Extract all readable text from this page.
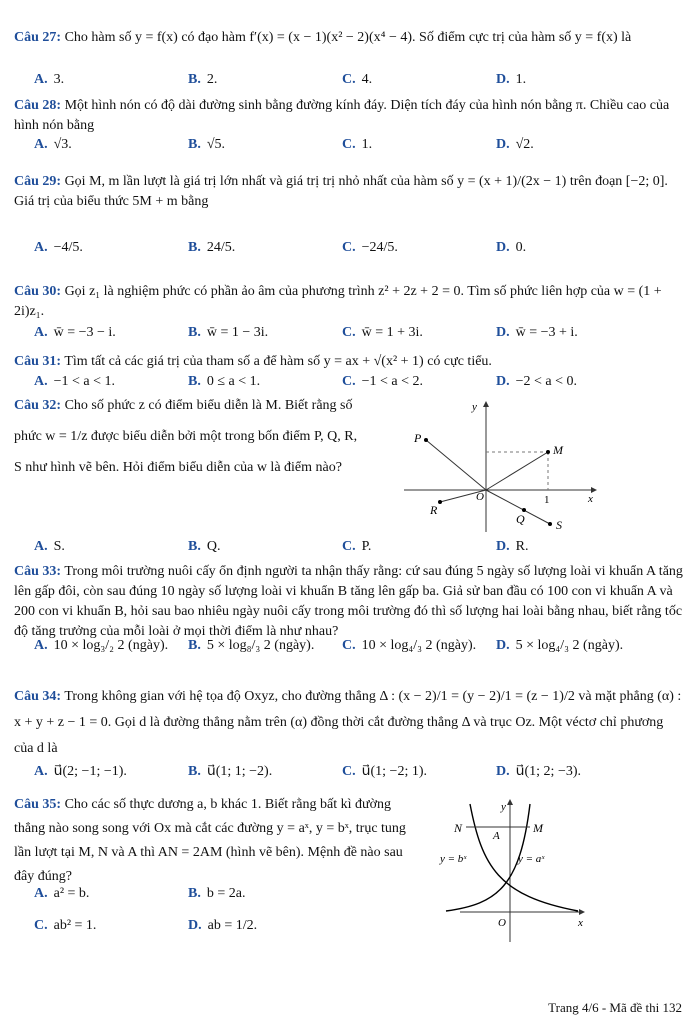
Câu 27: Cho hàm số y = f(x) có đạo hàm f′(x) = (x − 1)(x² − 2)(x⁴ − 4). Số điểm cực trị của hàm số y = f(x) là
A. 3.	B. 2.	C. 4.	D. 1.
Câu 28: Một hình nón có độ dài đường sinh bằng đường kính đáy. Diện tích đáy của hình nón bằng π. Chiều cao của hình nón bằng
A. √3.	B. √5.	C. 1.	D. √2.
Câu 29: Gọi M, m lần lượt là giá trị lớn nhất và giá trị trị nhỏ nhất của hàm số y = (x + 1)/(2x − 1) trên đoạn [−2; 0]. Giá trị của biểu thức 5M + m bằng
A. −4/5.	B. 24/5.	C. −24/5.	D. 0.
Câu 30: Gọi z₁ là nghiệm phức có phần ảo âm của phương trình z² + 2z + 2 = 0. Tìm số phức liên hợp của w = (1 + 2i)z₁.
A. w̄ = −3 − i.	B. w̄ = 1 − 3i.	C. w̄ = 1 + 3i.	D. w̄ = −3 + i.
Câu 31: Tìm tất cả các giá trị của tham số a để hàm số y = ax + √(x² + 1) có cực tiểu.
A. −1 < a < 1.	B. 0 ≤ a < 1.	C. −1 < a < 2.	D. −2 < a < 0.
Câu 32: Cho số phức z có điểm biểu diễn là M. Biết rằng số phức w = 1/z được biểu diễn bởi một trong bốn điểm P, Q, R, S như hình vẽ bên. Hỏi điểm biểu diễn của w là điểm nào?
y
x
O	1
P
M
R
Q	S
A. S.	B. Q.	C. P.	D. R.
Câu 33: Trong môi trường nuôi cấy ổn định người ta nhận thấy rằng: cứ sau đúng 5 ngày số lượng loài vi khuẩn A tăng lên gấp đôi, còn sau đúng 10 ngày số lượng loài vi khuẩn B tăng lên gấp ba. Giả sử ban đầu có 100 con vi khuẩn A và 200 con vi khuẩn B, hỏi sau bao nhiêu ngày nuôi cấy trong môi trường đó thì số lượng hai loài bằng nhau, biết rằng tốc độ tăng trưởng của mỗi loài ở mọi thời điểm là như nhau?
A. 10 × log₃/₂ 2 (ngày). B. 5 × log₈/₃ 2 (ngày). C. 10 × log₄/₃ 2 (ngày). D. 5 × log₄/₃ 2 (ngày).
Câu 34: Trong không gian với hệ tọa độ Oxyz, cho đường thẳng Δ : (x − 2)/1 = (y − 2)/1 = (z − 1)/2 và mặt phẳng (α) : x + y + z − 1 = 0. Gọi d là đường thẳng nằm trên (α) đồng thời cắt đường thẳng Δ và trục Oz. Một véctơ chỉ phương của d là
A. u⃗(2; −1; −1).	B. u⃗(1; 1; −2).	C. u⃗(1; −2; 1).	D. u⃗(1; 2; −3).
Câu 35: Cho các số thực dương a, b khác 1. Biết rằng bất kì đường thẳng nào song song với Ox mà cắt các đường y = aˣ, y = bˣ, trục tung lần lượt tại M, N và A thì AN = 2AM (hình vẽ bên). Mệnh đề nào sau đây đúng?
A. a² = b.	B. b = 2a.
C. ab² = 1.	D. ab = 1/2.
y
x
O
N
A
M
y = bˣ	y = aˣ
Trang 4/6 - Mã đề thi 132
